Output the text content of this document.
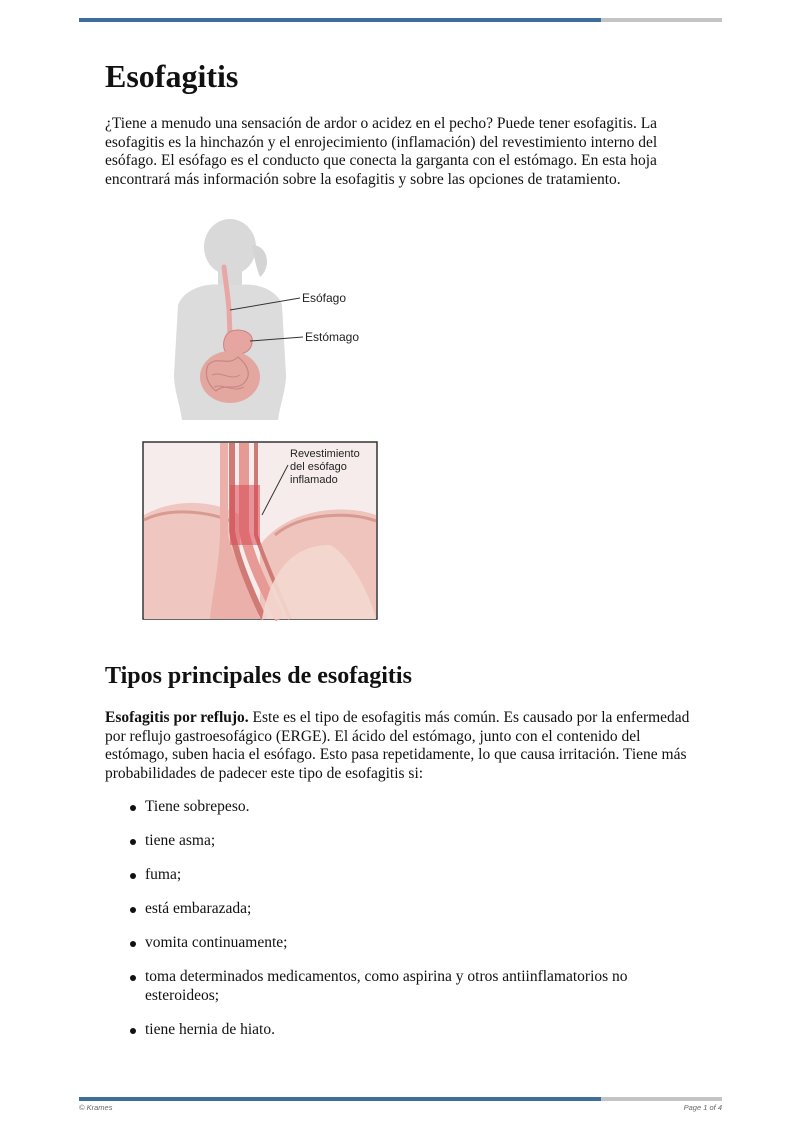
Esofagitis

¿Tiene a menudo una sensación de ardor o acidez en el pecho? Puede tener esofagitis. La esofagitis es la hinchazón y el enrojecimiento (inflamación) del revestimiento interno del esófago. El esófago es el conducto que conecta la garganta con el estómago. En esta hoja encontrará más información sobre la esofagitis y sobre las opciones de tratamiento.

Esófago
Estómago
Revestimiento
del esófago
inflamado
Tipos principales de esofagitis

Esofagitis por reflujo. Este es el tipo de esofagitis más común. Es causado por la enfermedad por reflujo gastroesofágico (ERGE). El ácido del estómago, junto con el contenido del estómago, suben hacia el esófago. Esto pasa repetidamente, lo que causa irritación. Tiene más probabilidades de padecer este tipo de esofagitis si:

Tiene sobrepeso.
tiene asma;
fuma;
está embarazada;
vomita continuamente;
toma determinados medicamentos, como aspirina y otros antiinflamatorios no esteroideos;
tiene hernia de hiato.
© Krames	Page 1 of 4
